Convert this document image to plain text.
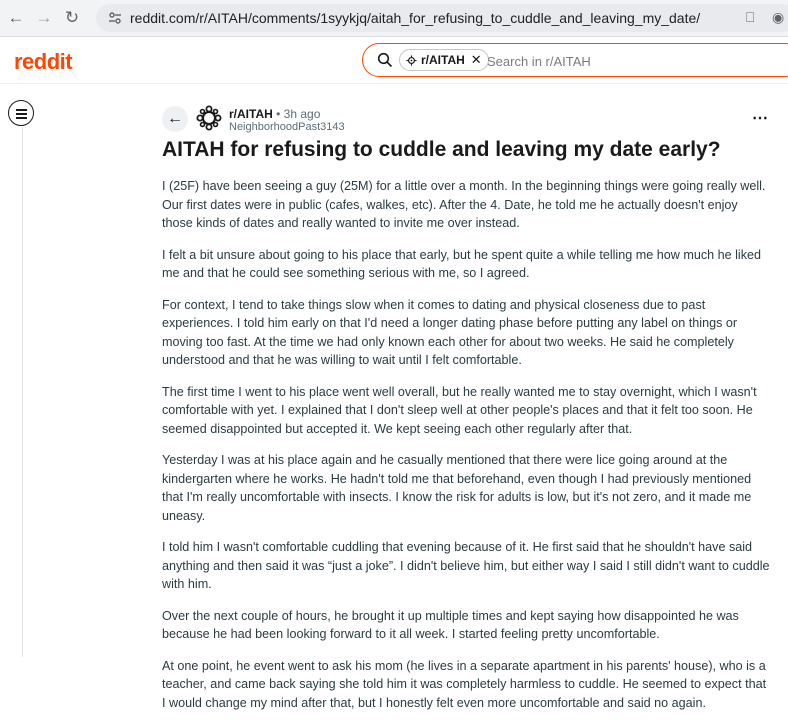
← → ↻	reddit.com/r/AITAH/comments/1syykjq/aitah_for_refusing_to_cuddle_and_leaving_my_date/	⎕ ◉
reddit	r/AITAH ✕
Search in r/AITAH
←	r/AITAH • 3h ago
NeighborhoodPast3143	⋯
AITAH for refusing to cuddle and leaving my date early?

I (25F) have been seeing a guy (25M) for a little over a month. In the beginning things were going really well. Our first dates were in public (cafes, walkes, etc). After the 4. Date, he told me he actually doesn't enjoy those kinds of dates and really wanted to invite me over instead.

I felt a bit unsure about going to his place that early, but he spent quite a while telling me how much he liked me and that he could see something serious with me, so I agreed.

For context, I tend to take things slow when it comes to dating and physical closeness due to past experiences. I told him early on that I'd need a longer dating phase before putting any label on things or moving too fast. At the time we had only known each other for about two weeks. He said he completely understood and that he was willing to wait until I felt comfortable.

The first time I went to his place went well overall, but he really wanted me to stay overnight, which I wasn't comfortable with yet. I explained that I don't sleep well at other people's places and that it felt too soon. He seemed disappointed but accepted it. We kept seeing each other regularly after that.

Yesterday I was at his place again and he casually mentioned that there were lice going around at the kindergarten where he works. He hadn't told me that beforehand, even though I had previously mentioned that I'm really uncomfortable with insects. I know the risk for adults is low, but it's not zero, and it made me uneasy.

I told him I wasn't comfortable cuddling that evening because of it. He first said that he shouldn't have said anything and then said it was “just a joke”. I didn't believe him, but either way I said I still didn't want to cuddle with him.

Over the next couple of hours, he brought it up multiple times and kept saying how disappointed he was because he had been looking forward to it all week. I started feeling pretty uncomfortable.

At one point, he event went to ask his mom (he lives in a separate apartment in his parents' house), who is a teacher, and came back saying she told him it was completely harmless to cuddle. He seemed to expect that I would change my mind after that, but I honestly felt even more uncomfortable and said no again.
